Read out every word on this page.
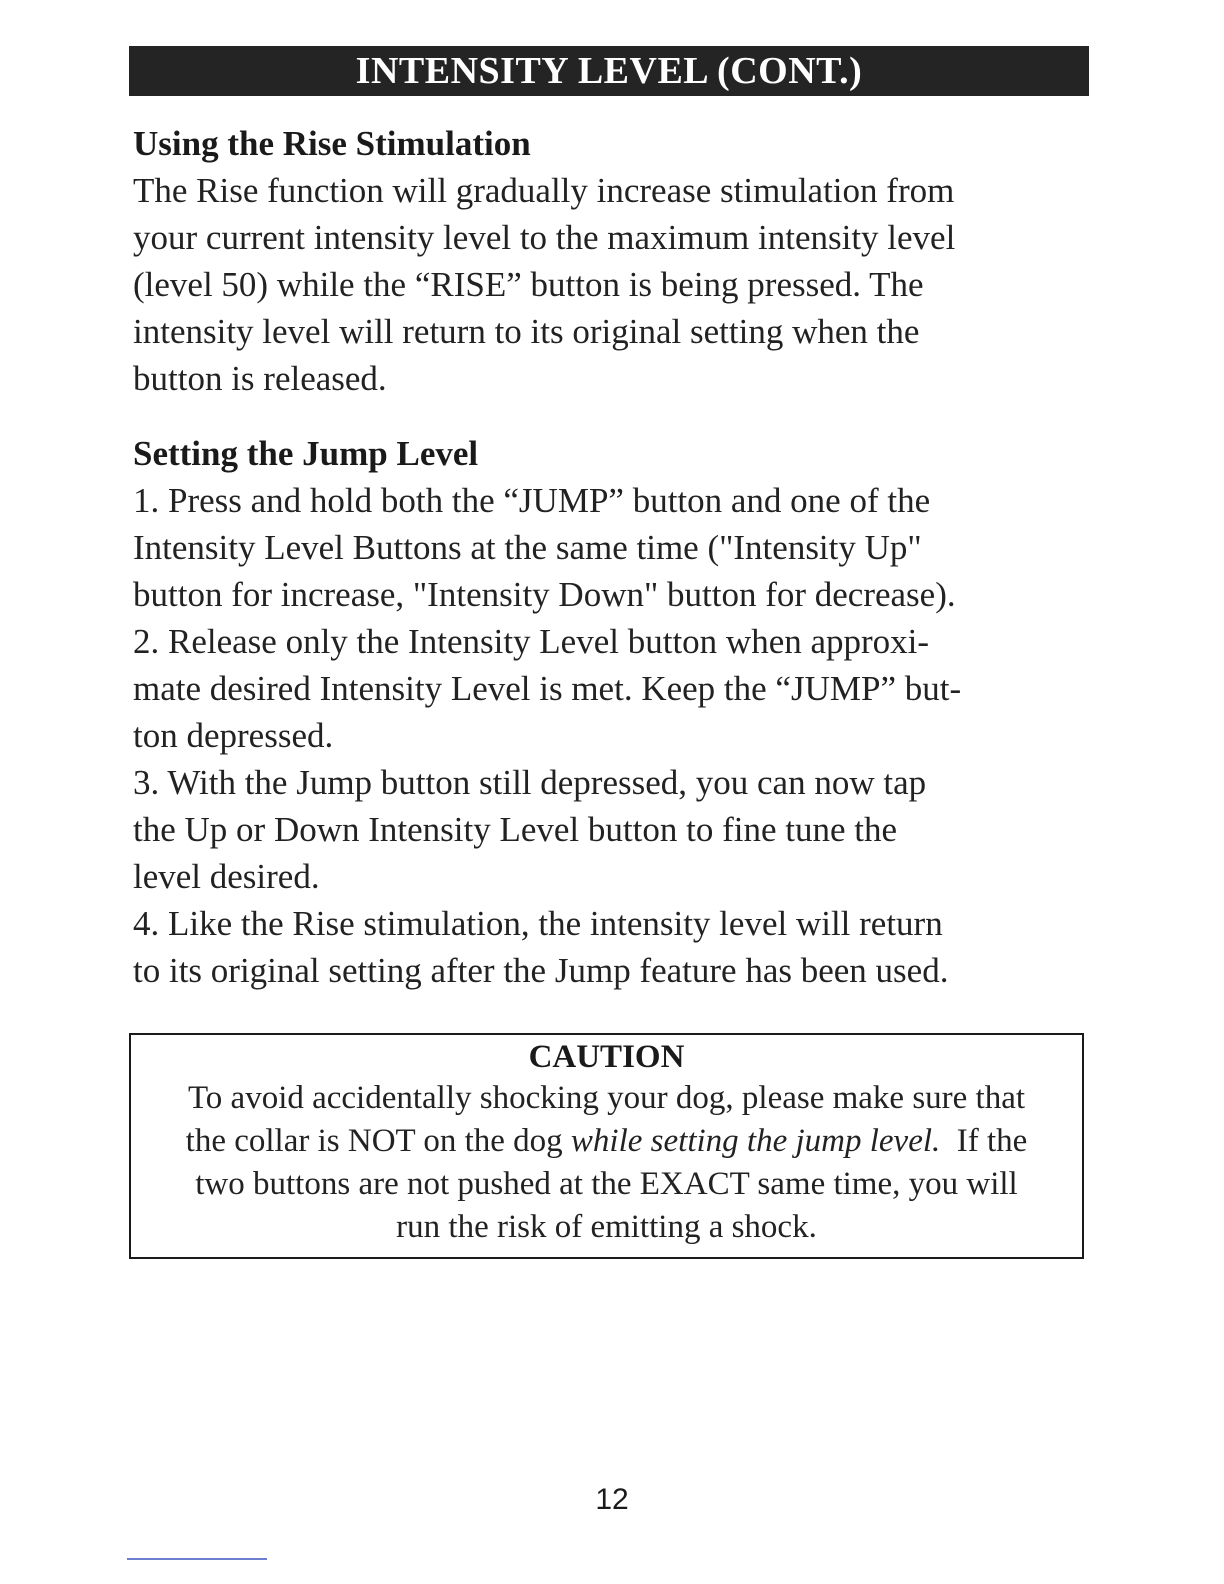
INTENSITY LEVEL (CONT.)

Using the Rise Stimulation

The Rise function will gradually increase stimulation from

your current intensity level to the maximum intensity level

(level 50) while the “RISE” button is being pressed. The

intensity level will return to its original setting when the

button is released.

Setting the Jump Level

1. Press and hold both the “JUMP” button and one of the

Intensity Level Buttons at the same time ("Intensity Up"

button for increase, "Intensity Down" button for decrease).

2. Release only the Intensity Level button when approxi-

mate desired Intensity Level is met. Keep the “JUMP” but-

ton depressed.

3. With the Jump button still depressed, you can now tap

the Up or Down Intensity Level button to fine tune the

level desired.

4. Like the Rise stimulation, the intensity level will return

to its original setting after the Jump feature has been used.

CAUTION
To avoid accidentally shocking your dog, please make sure that
the collar is NOT on the dog while setting the jump level.  If the
two buttons are not pushed at the EXACT same time, you will
run the risk of emitting a shock.
12
